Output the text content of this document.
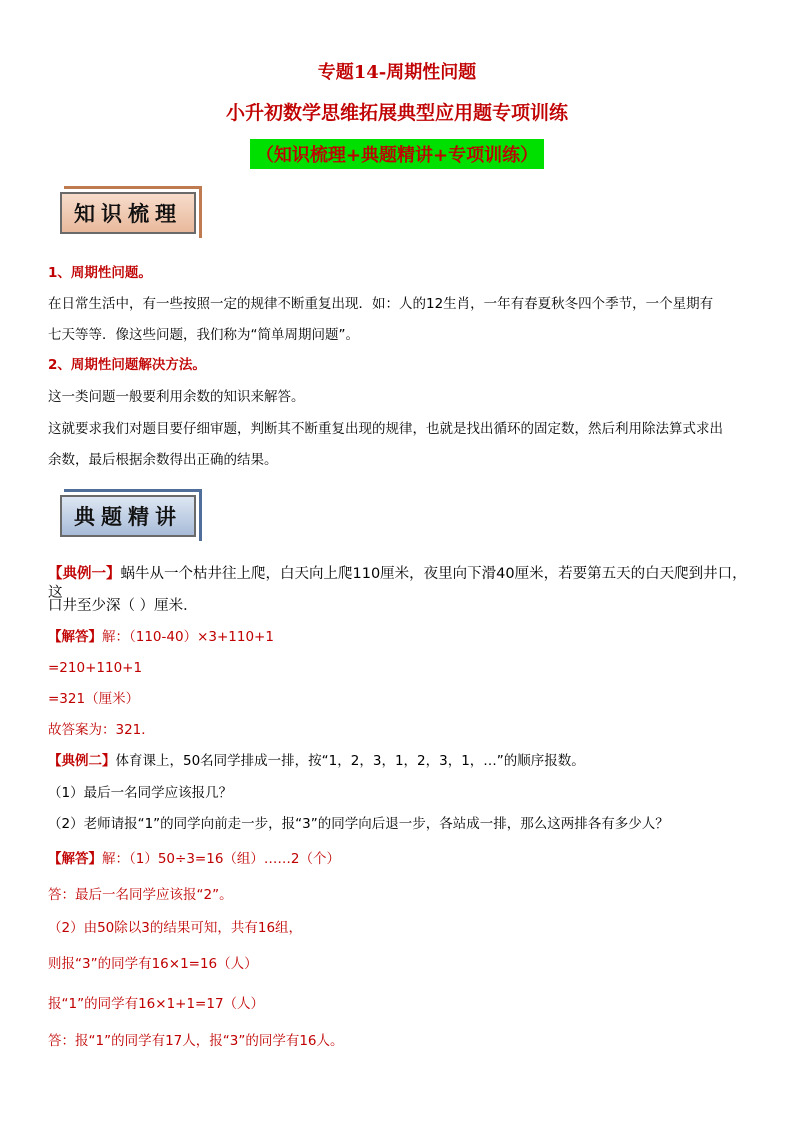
专题14-周期性问题
小升初数学思维拓展典型应用题专项训练
（知识梳理+典题精讲+专项训练）
知识梳理
1、周期性问题。
在日常生活中，有一些按照一定的规律不断重复出现．如：人的12生肖，一年有春夏秋冬四个季节，一个星期有
七天等等．像这些问题，我们称为“简单周期问题”。
2、周期性问题解决方法。
这一类问题一般要利用余数的知识来解答。
这就要求我们对题目要仔细审题，判断其不断重复出现的规律，也就是找出循环的固定数，然后利用除法算式求出
余数，最后根据余数得出正确的结果。
典题精讲
【典例一】蜗牛从一个枯井往上爬，白天向上爬110厘米，夜里向下滑40厘米，若要第五天的白天爬到井口，这
口井至少深（ ）厘米．
【解答】解：（110-40）×3+110+1
=210+110+1
=321（厘米）
故答案为：321．
【典例二】体育课上，50名同学排成一排，按“1，2，3，1，2，3，1，…”的顺序报数。
（1）最后一名同学应该报几？
（2）老师请报“1”的同学向前走一步，报“3”的同学向后退一步，各站成一排，那么这两排各有多少人？
【解答】解：（1）50÷3=16（组）……2（个）
答：最后一名同学应该报“2”。
（2）由50除以3的结果可知，共有16组，
则报“3”的同学有16×1=16（人）
报“1”的同学有16×1+1=17（人）
答：报“1”的同学有17人，报“3”的同学有16人。
